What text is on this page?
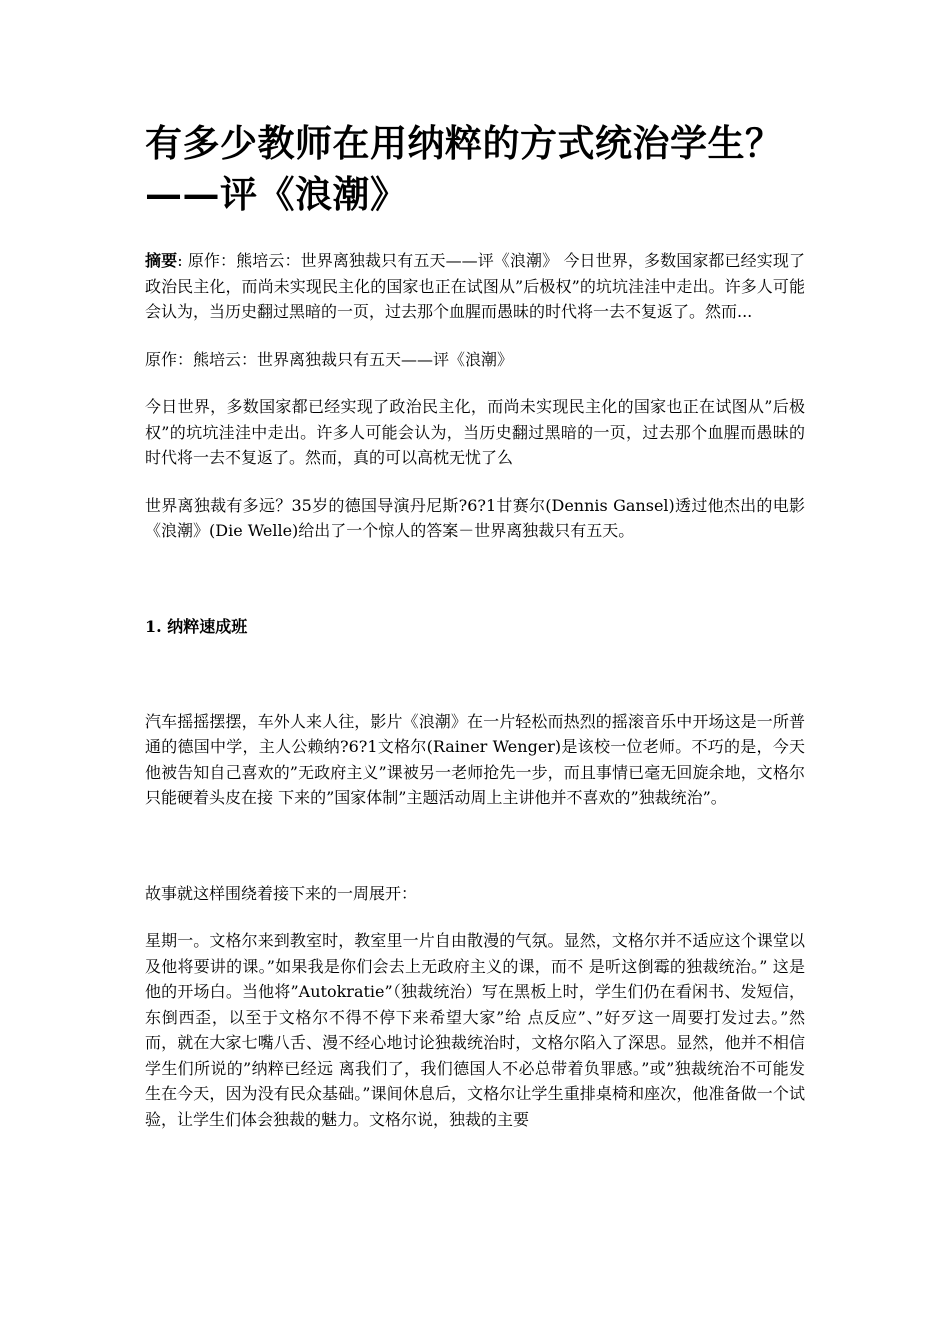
有多少教师在用纳粹的方式统治学生？
——评《浪潮》

摘要: 原作：熊培云：世界离独裁只有五天——评《浪潮》 今日世界，多数国家都已经实现了政治民主化，而尚未实现民主化的国家也正在试图从”后极权”的坑坑洼洼中走出。许多人可能会认为，当历史翻过黑暗的一页，过去那个血腥而愚昧的时代将一去不复返了。然而...

原作：熊培云：世界离独裁只有五天——评《浪潮》

今日世界，多数国家都已经实现了政治民主化，而尚未实现民主化的国家也正在试图从”后极权”的坑坑洼洼中走出。许多人可能会认为，当历史翻过黑暗的一页，过去那个血腥而愚昧的时代将一去不复返了。然而，真的可以高枕无忧了么

世界离独裁有多远？35岁的德国导演丹尼斯?6?1甘赛尔(Dennis Gansel)透过他杰出的电影《浪潮》(Die Welle)给出了一个惊人的答案－世界离独裁只有五天。

1. 纳粹速成班

汽车摇摇摆摆，车外人来人往，影片《浪潮》在一片轻松而热烈的摇滚音乐中开场这是一所普通的德国中学，主人公赖纳?6?1文格尔(Rainer Wenger)是该校一位老师。不巧的是，今天他被告知自己喜欢的”无政府主义”课被另一老师抢先一步，而且事情已毫无回旋余地，文格尔只能硬着头皮在接 下来的”国家体制”主题活动周上主讲他并不喜欢的”独裁统治”。

故事就这样围绕着接下来的一周展开：

星期一。文格尔来到教室时，教室里一片自由散漫的气氛。显然，文格尔并不适应这个课堂以及他将要讲的课。”如果我是你们会去上无政府主义的课，而不 是听这倒霉的独裁统治。” 这是他的开场白。当他将”Autokratie”（独裁统治）写在黑板上时，学生们仍在看闲书、发短信，东倒西歪，以至于文格尔不得不停下来希望大家”给 点反应”、”好歹这一周要打发过去。”然而，就在大家七嘴八舌、漫不经心地讨论独裁统治时，文格尔陷入了深思。显然，他并不相信学生们所说的”纳粹已经远 离我们了，我们德国人不必总带着负罪感。”或”独裁统治不可能发生在今天，因为没有民众基础。”课间休息后，文格尔让学生重排桌椅和座次，他准备做一个试 验，让学生们体会独裁的魅力。文格尔说，独裁的主要
